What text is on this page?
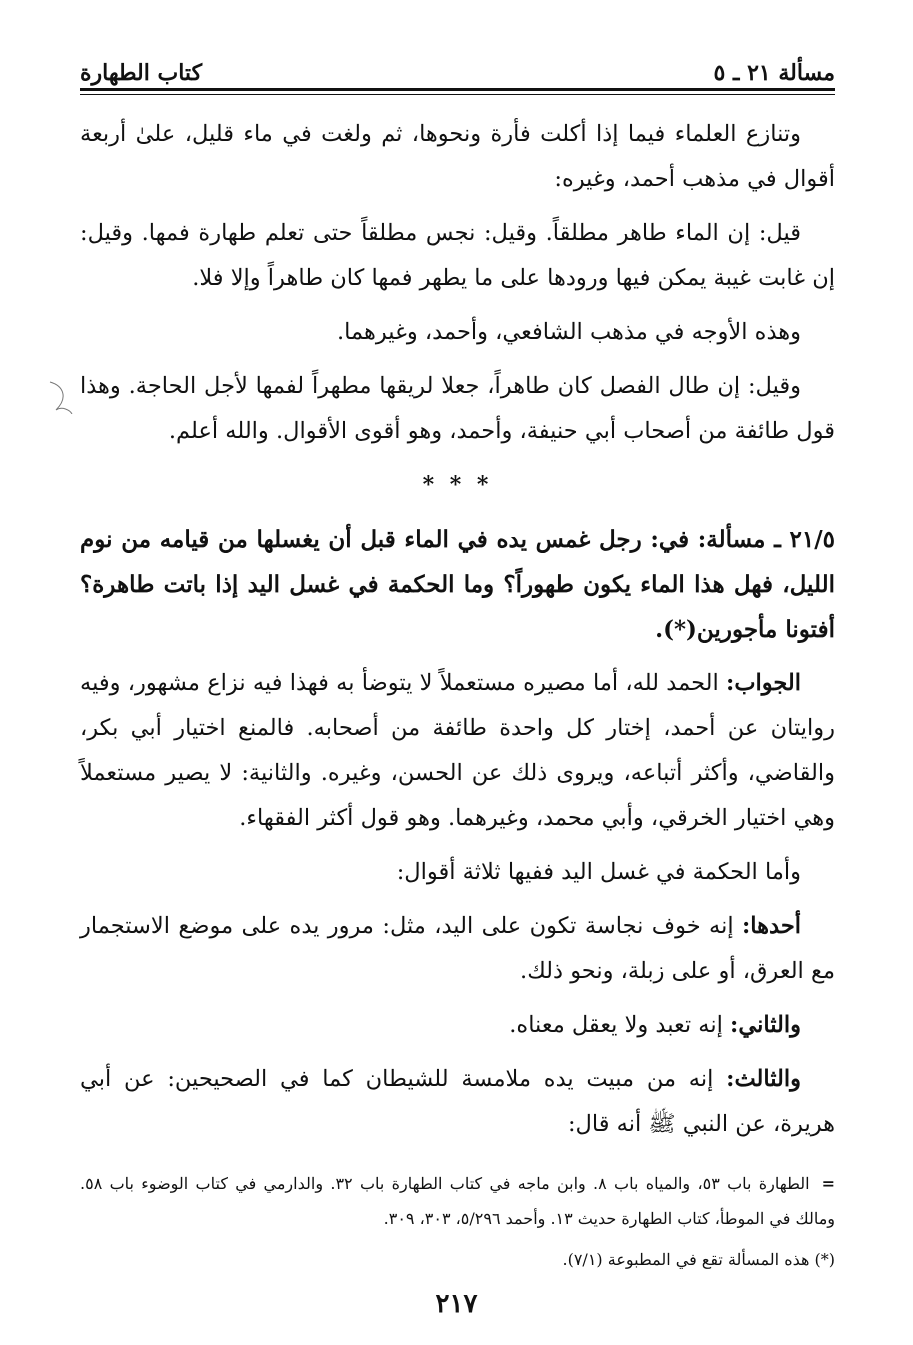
مسألة ٢١ ـ ٥
كتاب الطهارة

وتنازع العلماء فيما إذا أكلت فأرة ونحوها، ثم ولغت في ماء قليل، علىٰ أربعة أقوال في مذهب أحمد، وغيره:

قيل: إن الماء طاهر مطلقاً. وقيل: نجس مطلقاً حتى تعلم طهارة فمها. وقيل: إن غابت غيبة يمكن فيها ورودها على ما يطهر فمها كان طاهراً وإلا فلا.

وهذه الأوجه في مذهب الشافعي، وأحمد، وغيرهما.

وقيل: إن طال الفصل كان طاهراً، جعلا لريقها مطهراً لفمها لأجل الحاجة. وهذا قول طائفة من أصحاب أبي حنيفة، وأحمد، وهو أقوى الأقوال. والله أعلم.

* * *

٢١/٥ ـ مسألة: في: رجل غمس يده في الماء قبل أن يغسلها من قيامه من نوم الليل، فهل هذا الماء يكون طهوراً؟ وما الحكمة في غسل اليد إذا باتت طاهرة؟ أفتونا مأجورين(*).

الجواب: الحمد لله، أما مصيره مستعملاً لا يتوضأ به فهذا فيه نزاع مشهور، وفيه روايتان عن أحمد، إختار كل واحدة طائفة من أصحابه. فالمنع اختيار أبي بكر، والقاضي، وأكثر أتباعه، ويروى ذلك عن الحسن، وغيره. والثانية: لا يصير مستعملاً وهي اختيار الخرقي، وأبي محمد، وغيرهما. وهو قول أكثر الفقهاء.

وأما الحكمة في غسل اليد ففيها ثلاثة أقوال:

أحدها: إنه خوف نجاسة تكون على اليد، مثل: مرور يده على موضع الاستجمار مع العرق، أو على زبلة، ونحو ذلك.

والثاني: إنه تعبد ولا يعقل معناه.

والثالث: إنه من مبيت يده ملامسة للشيطان كما في الصحيحين: عن أبي هريرة، عن النبي ﷺ أنه قال:

=الطهارة باب ٥٣، والمياه باب ٨. وابن ماجه في كتاب الطهارة باب ٣٢. والدارمي في كتاب الوضوء باب ٥٨. ومالك في الموطأ، كتاب الطهارة حديث ١٣. وأحمد ٥/٢٩٦، ٣٠٣، ٣٠٩.

(*) هذه المسألة تقع في المطبوعة (٧/١).

٢١٧
